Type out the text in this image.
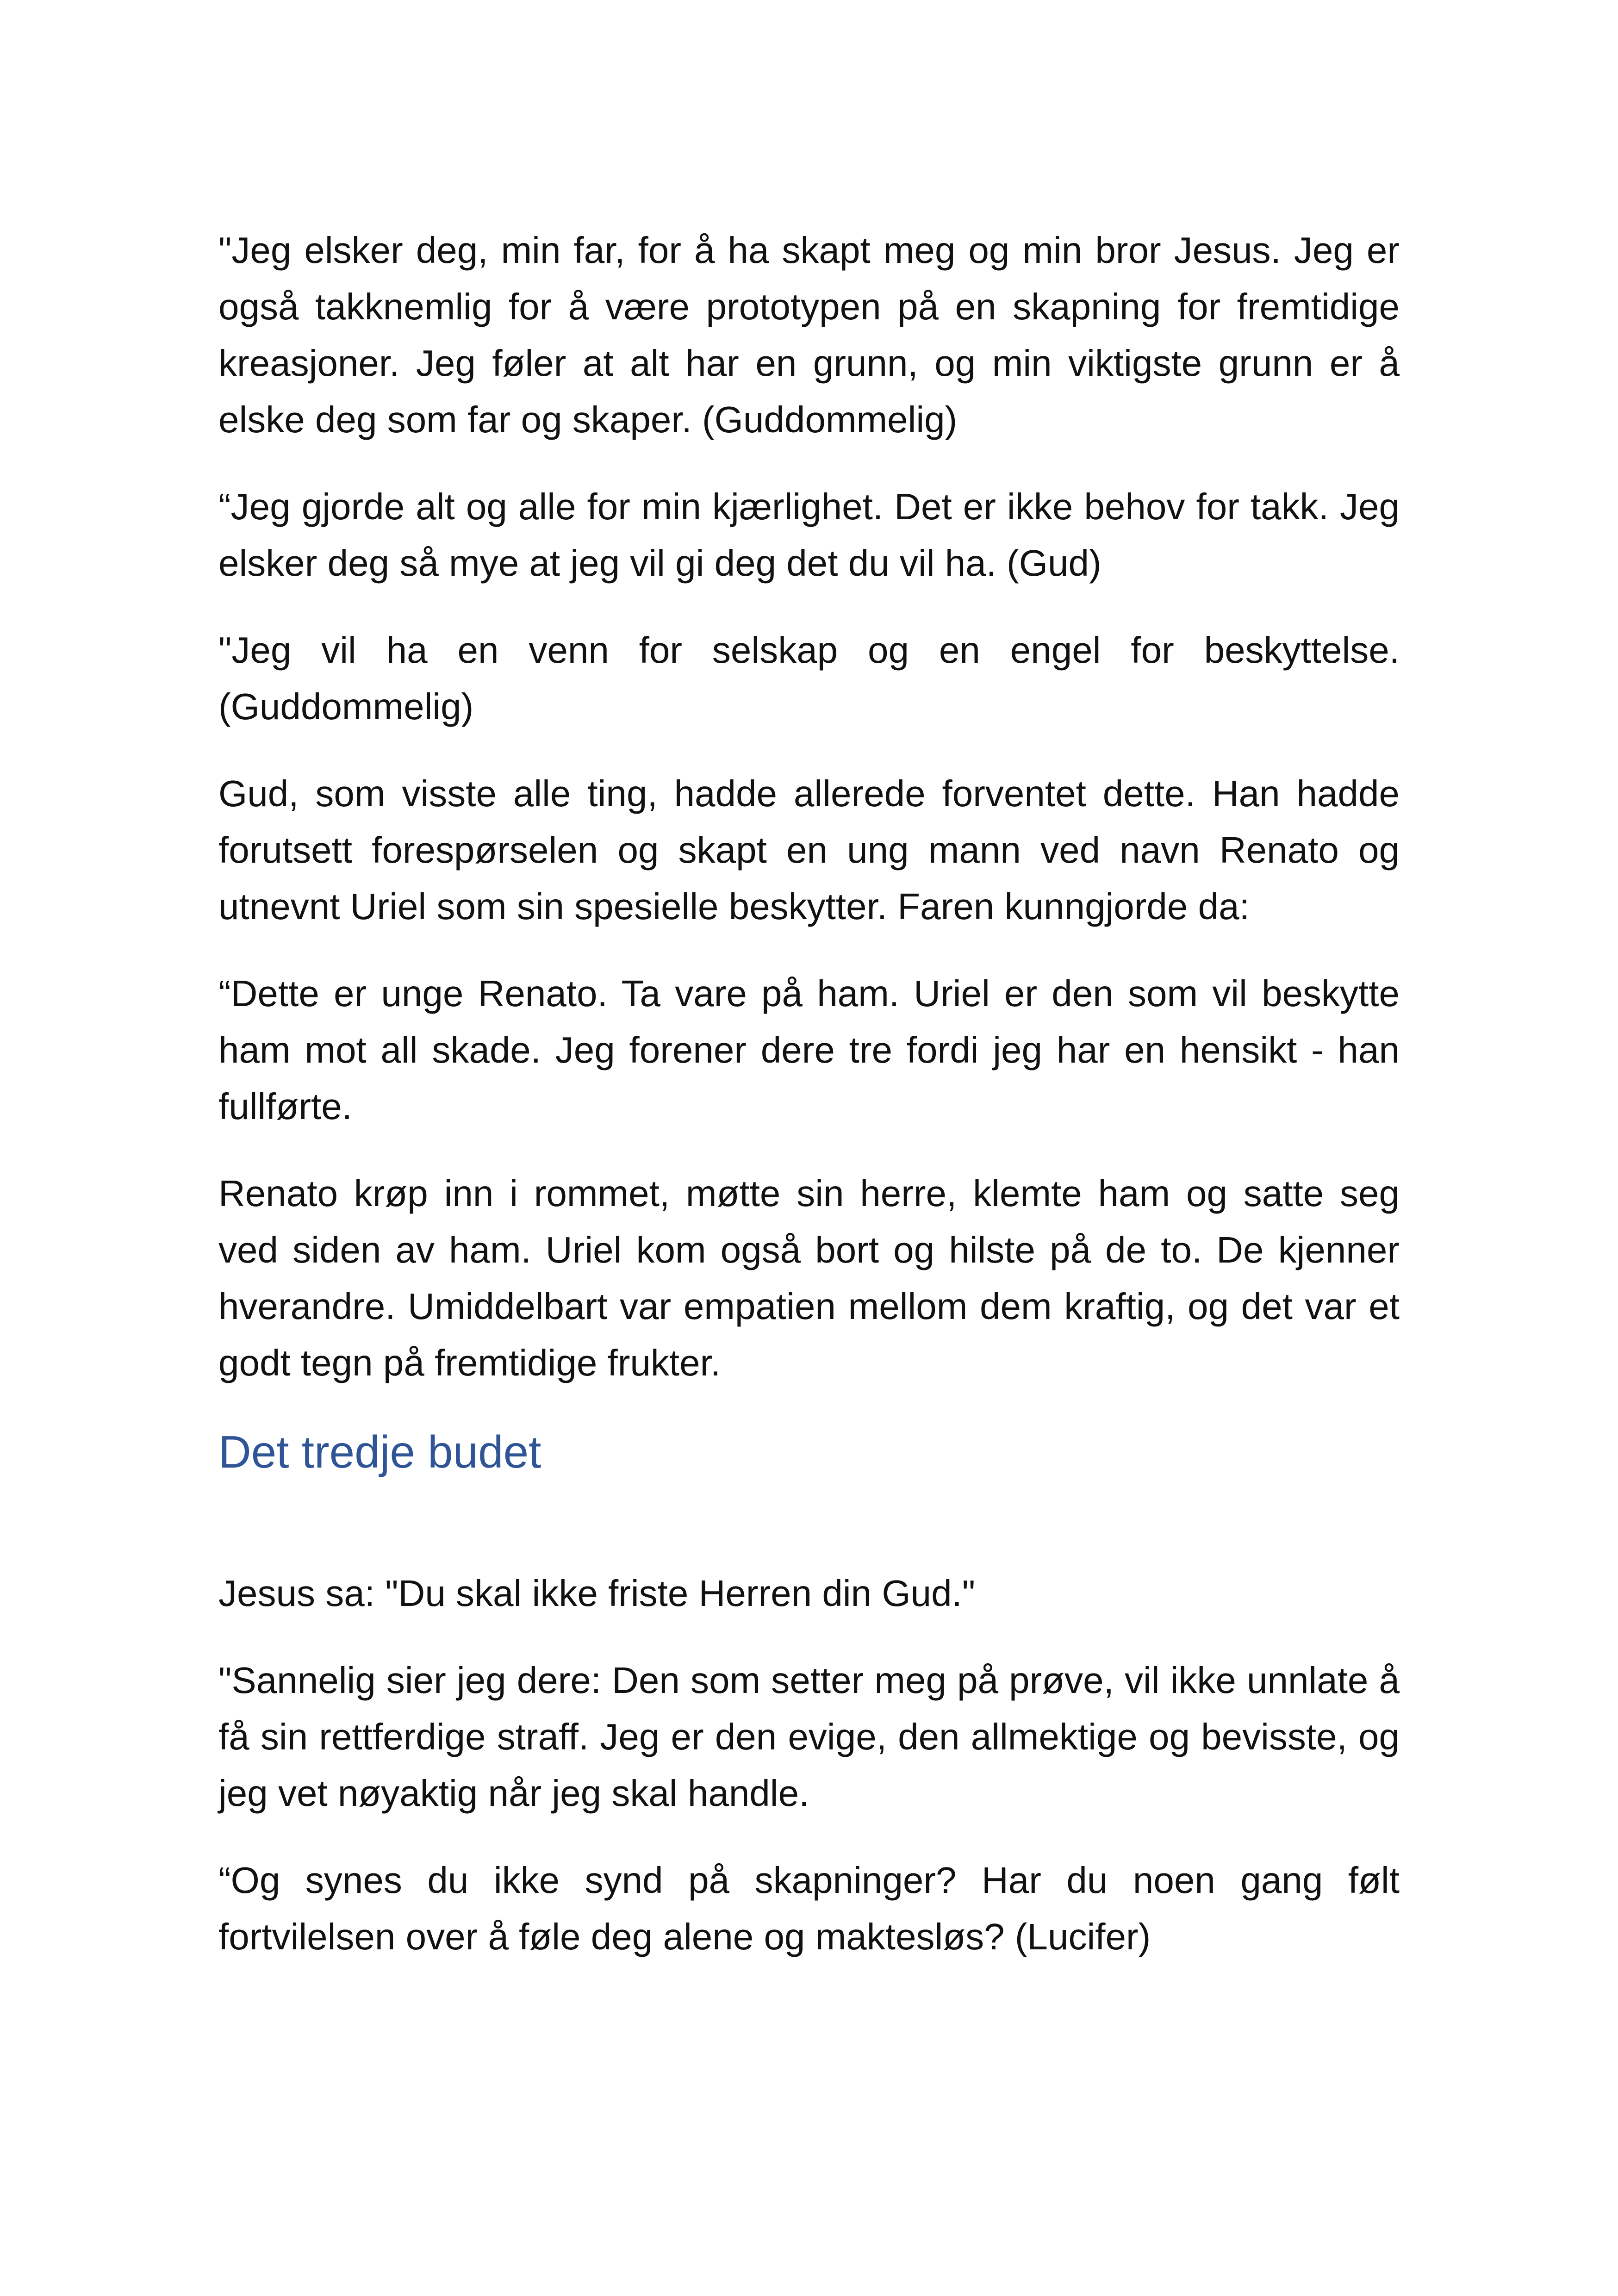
"Jeg elsker deg, min far, for å ha skapt meg og min bror Jesus. Jeg er også takknemlig for å være prototypen på en skapning for fremtidige kreasjoner. Jeg føler at alt har en grunn, og min viktigste grunn er å elske deg som far og skaper. (Guddommelig)

“Jeg gjorde alt og alle for min kjærlighet. Det er ikke behov for takk. Jeg elsker deg så mye at jeg vil gi deg det du vil ha. (Gud)

"Jeg vil ha en venn for selskap og en engel for beskyttelse. (Guddommelig)

Gud, som visste alle ting, hadde allerede forventet dette. Han hadde forutsett forespørselen og skapt en ung mann ved navn Renato og utnevnt Uriel som sin spesielle beskytter. Faren kunngjorde da:

“Dette er unge Renato. Ta vare på ham. Uriel er den som vil beskytte ham mot all skade. Jeg forener dere tre fordi jeg har en hensikt - han fullførte.

Renato krøp inn i rommet, møtte sin herre, klemte ham og satte seg ved siden av ham. Uriel kom også bort og hilste på de to. De kjenner hverandre. Umiddelbart var empatien mellom dem kraftig, og det var et godt tegn på fremtidige frukter.

Det tredje budet

Jesus sa: "Du skal ikke friste Herren din Gud."

"Sannelig sier jeg dere: Den som setter meg på prøve, vil ikke unnlate å få sin rettferdige straff. Jeg er den evige, den allmektige og bevisste, og jeg vet nøyaktig når jeg skal handle.

“Og synes du ikke synd på skapninger? Har du noen gang følt fortvilelsen over å føle deg alene og maktesløs? (Lucifer)
